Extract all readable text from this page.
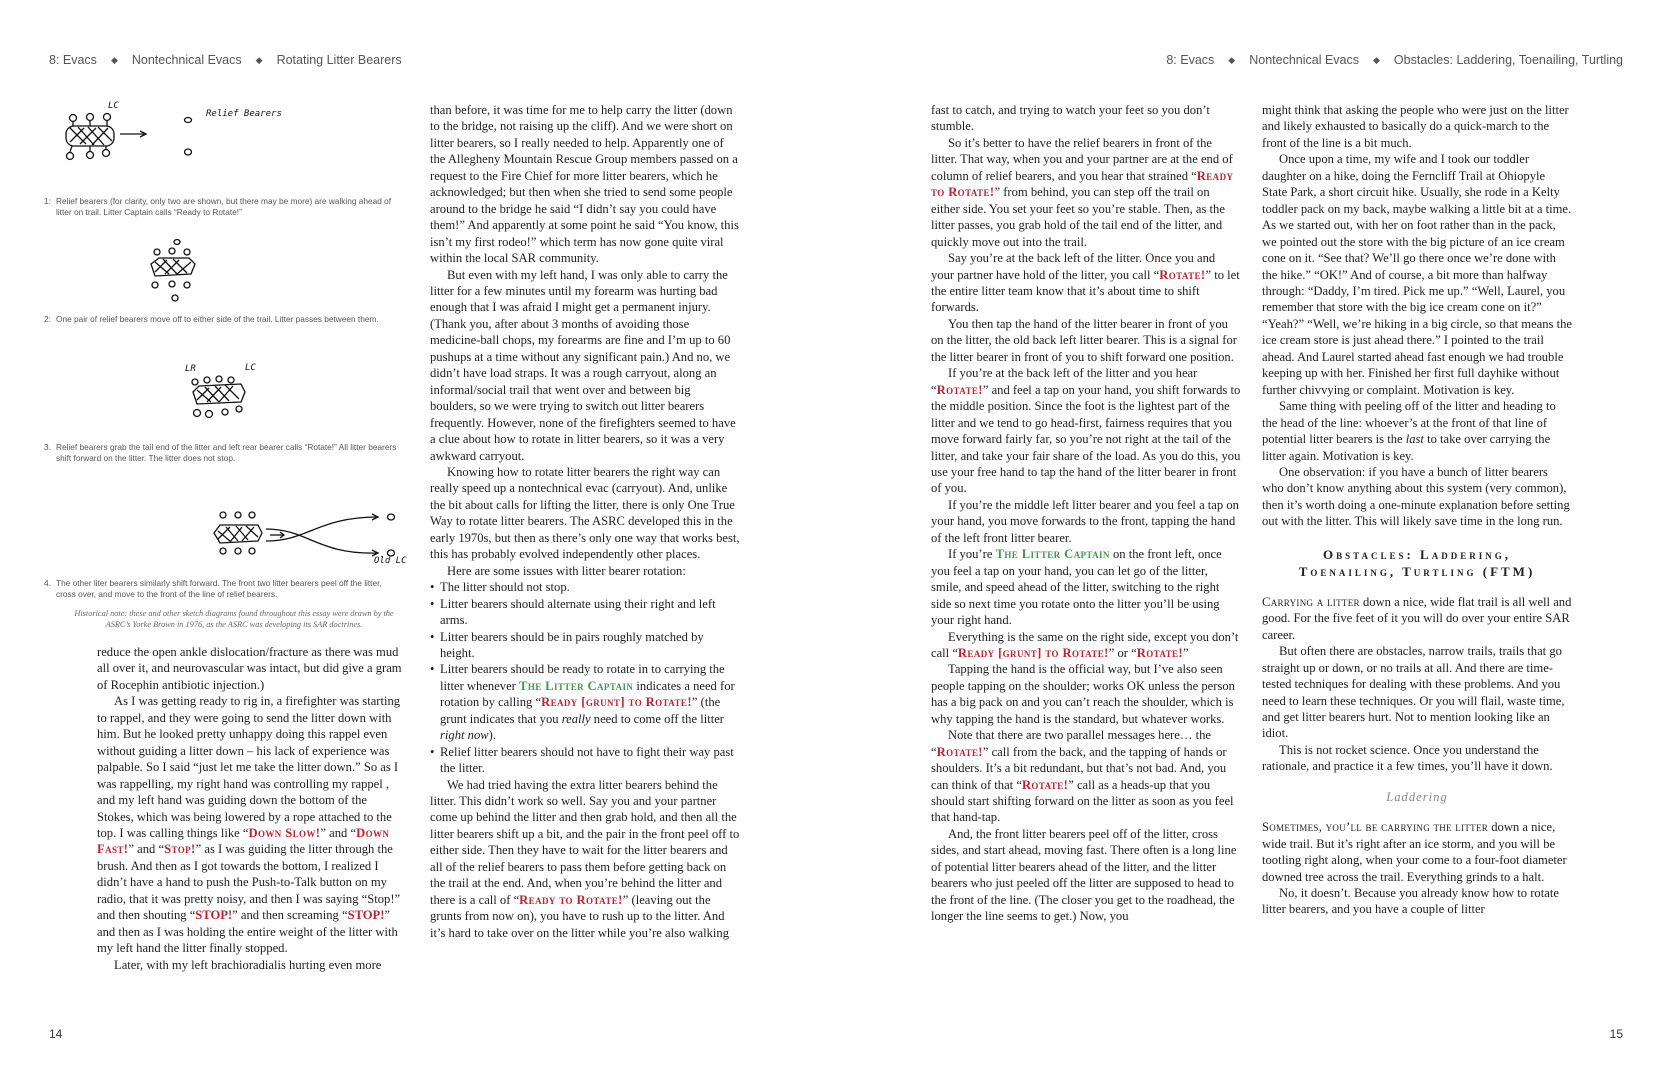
8: Evacs ◆ Nontechnical Evacs ◆ Rotating Litter Bearers
LC
Relief Bearers
1: Relief bearers (for clarity, only two are shown, but there may be more) are walking ahead of litter on trail. Litter Captain calls “Ready to Rotate!”
2: One pair of relief bearers move off to either side of the trail. Litter passes between them.
LR	LC
3. Relief bearers grab the tail end of the litter and left rear bearer calls “Rotate!” All litter bearers shift forward on the litter. The litter does not stop.
Old LC
4. The other liter bearers similarly shift forward. The front two litter bearers peel off the litter, cross over, and move to the front of the line of relief bearers.
Historical note: these and other sketch diagrams found throughout this essay were drawn by the ASRC’s Yorke Brown in 1976, as the ASRC was developing its SAR doctrines.

reduce the open ankle dislocation/fracture as there was mud all over it, and neurovascular was intact, but did give a gram of Rocephin antibiotic injection.)

As I was getting ready to rig in, a firefighter was starting to rappel, and they were going to send the litter down with him. But he looked pretty unhappy doing this rappel even without guiding a litter down – his lack of experience was palpable. So I said “just let me take the litter down.” So as I was rappelling, my right hand was controlling my rappel , and my left hand was guiding down the bottom of the Stokes, which was being lowered by a rope attached to the top. I was calling things like “Down Slow!” and “Down Fast!” and “Stop!” as I was guiding the litter through the brush. And then as I got towards the bottom, I realized I didn’t have a hand to push the Push-to-Talk button on my radio, that it was pretty noisy, and then I was saying “Stop!” and then shouting “STOP!” and then screaming “STOP!” and then as I was holding the entire weight of the litter with my left hand the litter finally stopped.

Later, with my left brachioradialis hurting even more

than before, it was time for me to help carry the litter (down to the bridge, not raising up the cliff). And we were short on litter bearers, so I really needed to help. Apparently one of the Allegheny Mountain Rescue Group members passed on a request to the Fire Chief for more litter bearers, which he acknowledged; but then when she tried to send some people around to the bridge he said “I didn’t say you could have them!” And apparently at some point he said “You know, this isn’t my first rodeo!” which term has now gone quite viral within the local SAR community.

But even with my left hand, I was only able to carry the litter for a few minutes until my forearm was hurting bad enough that I was afraid I might get a permanent injury. (Thank you, after about 3 months of avoiding those medicine-ball chops, my forearms are fine and I’m up to 60 pushups at a time without any significant pain.) And no, we didn’t have load straps. It was a rough carryout, along an informal/social trail that went over and between big boulders, so we were trying to switch out litter bearers frequently. However, none of the firefighters seemed to have a clue about how to rotate in litter bearers, so it was a very awkward carryout.

Knowing how to rotate litter bearers the right way can really speed up a nontechnical evac (carryout). And, unlike the bit about calls for lifting the litter, there is only One True Way to rotate litter bearers. The ASRC developed this in the early 1970s, but then as there’s only one way that works best, this has probably evolved independently other places.

Here are some issues with litter bearer rotation:

• The litter should not stop.
• Litter bearers should alternate using their right and left arms.
• Litter bearers should be in pairs roughly matched by height.
• Litter bearers should be ready to rotate in to carrying the litter whenever The Litter Captain indicates a need for rotation by calling “Ready [grunt] to Rotate!” (the grunt indicates that you really need to come off the litter right now).
• Relief litter bearers should not have to fight their way past the litter.

We had tried having the extra litter bearers behind the litter. This didn’t work so well. Say you and your partner come up behind the litter and then grab hold, and then all the litter bearers shift up a bit, and the pair in the front peel off to either side. Then they have to wait for the litter bearers and all of the relief bearers to pass them before getting back on the trail at the end. And, when you’re behind the litter and there is a call of “Ready to Rotate!” (leaving out the grunts from now on), you have to rush up to the litter. And it’s hard to take over on the litter while you’re also walking

14
8: Evacs ◆ Nontechnical Evacs ◆ Obstacles: Laddering, Toenailing, Turtling

fast to catch, and trying to watch your feet so you don’t stumble.

So it’s better to have the relief bearers in front of the litter. That way, when you and your partner are at the end of column of relief bearers, and you hear that strained “Ready to Rotate!” from behind, you can step off the trail on either side. You set your feet so you’re stable. Then, as the litter passes, you grab hold of the tail end of the litter, and quickly move out into the trail.

Say you’re at the back left of the litter. Once you and your partner have hold of the litter, you call “Rotate!” to let the entire litter team know that it’s about time to shift forwards.

You then tap the hand of the litter bearer in front of you on the litter, the old back left litter bearer. This is a signal for the litter bearer in front of you to shift forward one position.

If you’re at the back left of the litter and you hear “Rotate!” and feel a tap on your hand, you shift forwards to the middle position. Since the foot is the lightest part of the litter and we tend to go head-first, fairness requires that you move forward fairly far, so you’re not right at the tail of the litter, and take your fair share of the load. As you do this, you use your free hand to tap the hand of the litter bearer in front of you.

If you’re the middle left litter bearer and you feel a tap on your hand, you move forwards to the front, tapping the hand of the left front litter bearer.

If you’re The Litter Captain on the front left, once you feel a tap on your hand, you can let go of the litter, smile, and speed ahead of the litter, switching to the right side so next time you rotate onto the litter you’ll be using your right hand.

Everything is the same on the right side, except you don’t call “Ready [grunt] to Rotate!” or “Rotate!”

Tapping the hand is the official way, but I’ve also seen people tapping on the shoulder; works OK unless the person has a big pack on and you can’t reach the shoulder, which is why tapping the hand is the standard, but whatever works.

Note that there are two parallel messages here… the “Rotate!” call from the back, and the tapping of hands or shoulders. It’s a bit redundant, but that’s not bad. And, you can think of that “Rotate!” call as a heads-up that you should start shifting forward on the litter as soon as you feel that hand-tap.

And, the front litter bearers peel off of the litter, cross sides, and start ahead, moving fast. There often is a long line of potential litter bearers ahead of the litter, and the litter bearers who just peeled off the litter are supposed to head to the front of the line. (The closer you get to the roadhead, the longer the line seems to get.) Now, you

might think that asking the people who were just on the litter and likely exhausted to basically do a quick-march to the front of the line is a bit much.

Once upon a time, my wife and I took our toddler daughter on a hike, doing the Ferncliff Trail at Ohiopyle State Park, a short circuit hike. Usually, she rode in a Kelty toddler pack on my back, maybe walking a little bit at a time. As we started out, with her on foot rather than in the pack, we pointed out the store with the big picture of an ice cream cone on it. “See that? We’ll go there once we’re done with the hike.” “OK!” And of course, a bit more than halfway through: “Daddy, I’m tired. Pick me up.” “Well, Laurel, you remember that store with the big ice cream cone on it?” “Yeah?” “Well, we’re hiking in a big circle, so that means the ice cream store is just ahead there.” I pointed to the trail ahead. And Laurel started ahead fast enough we had trouble keeping up with her. Finished her first full dayhike without further chivvying or complaint. Motivation is key.

Same thing with peeling off of the litter and heading to the head of the line: whoever’s at the front of that line of potential litter bearers is the last to take over carrying the litter again. Motivation is key.

One observation: if you have a bunch of litter bearers who don’t know anything about this system (very common), then it’s worth doing a one-minute explanation before setting out with the litter. This will likely save time in the long run.

Obstacles: Laddering,
Toenailing, Turtling (FTM)

Carrying a litter down a nice, wide flat trail is all well and good. For the five feet of it you will do over your entire SAR career.

But often there are obstacles, narrow trails, trails that go straight up or down, or no trails at all. And there are time-tested techniques for dealing with these problems. And you need to learn these techniques. Or you will flail, waste time, and get litter bearers hurt. Not to mention looking like an idiot.

This is not rocket science. Once you understand the rationale, and practice it a few times, you’ll have it down.

Laddering

Sometimes, you’ll be carrying the litter down a nice, wide trail. But it’s right after an ice storm, and you will be tootling right along, when your come to a four-foot diameter downed tree across the trail. Everything grinds to a halt.

No, it doesn’t. Because you already know how to rotate litter bearers, and you have a couple of litter

15
